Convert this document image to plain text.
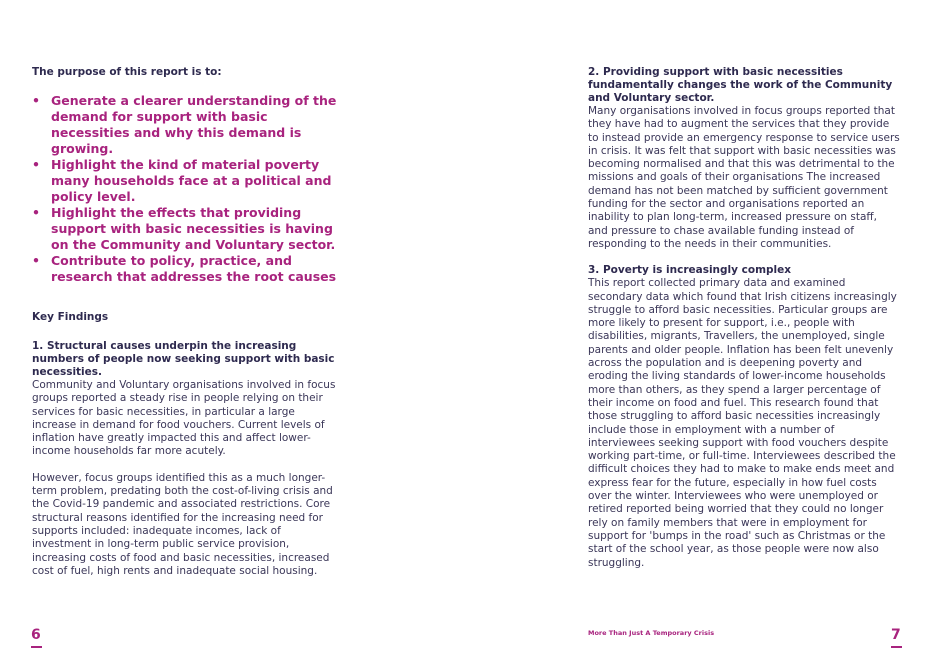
The purpose of this report is to:

• Generate a clearer understanding of the demand for support with basic necessities and why this demand is growing.
• Highlight the kind of material poverty many households face at a political and policy level.
• Highlight the effects that providing support with basic necessities is having on the Community and Voluntary sector.
• Contribute to policy, practice, and research that addresses the root causes

Key Findings

1. Structural causes underpin the increasing numbers of people now seeking support with basic necessities.

Community and Voluntary organisations involved in focus groups reported a steady rise in people relying on their services for basic necessities, in particular a large increase in demand for food vouchers. Current levels of inflation have greatly impacted this and affect lower-income households far more acutely.

However, focus groups identified this as a much longer-term problem, predating both the cost-of-living crisis and the Covid-19 pandemic and associated restrictions. Core structural reasons identified for the increasing need for supports included: inadequate incomes, lack of investment in long-term public service provision, increasing costs of food and basic necessities, increased cost of fuel, high rents and inadequate social housing.

2. Providing support with basic necessities fundamentally changes the work of the Community and Voluntary sector.

Many organisations involved in focus groups reported that they have had to augment the services that they provide to instead provide an emergency response to service users in crisis. It was felt that support with basic necessities was becoming normalised and that this was detrimental to the missions and goals of their organisations The increased demand has not been matched by sufficient government funding for the sector and organisations reported an inability to plan long-term, increased pressure on staff, and pressure to chase available funding instead of responding to the needs in their communities.

3. Poverty is increasingly complex

This report collected primary data and examined secondary data which found that Irish citizens increasingly struggle to afford basic necessities. Particular groups are more likely to present for support, i.e., people with disabilities, migrants, Travellers, the unemployed, single parents and older people. Inflation has been felt unevenly across the population and is deepening poverty and eroding the living standards of lower-income households more than others, as they spend a larger percentage of their income on food and fuel. This research found that those struggling to afford basic necessities increasingly include those in employment with a number of interviewees seeking support with food vouchers despite working part-time, or full-time. Interviewees described the difficult choices they had to make to make ends meet and express fear for the future, especially in how fuel costs over the winter. Interviewees who were unemployed or retired reported being worried that they could no longer rely on family members that were in employment for support for 'bumps in the road' such as Christmas or the start of the school year, as those people were now also struggling.

6	More Than Just A Temporary Crisis	7
